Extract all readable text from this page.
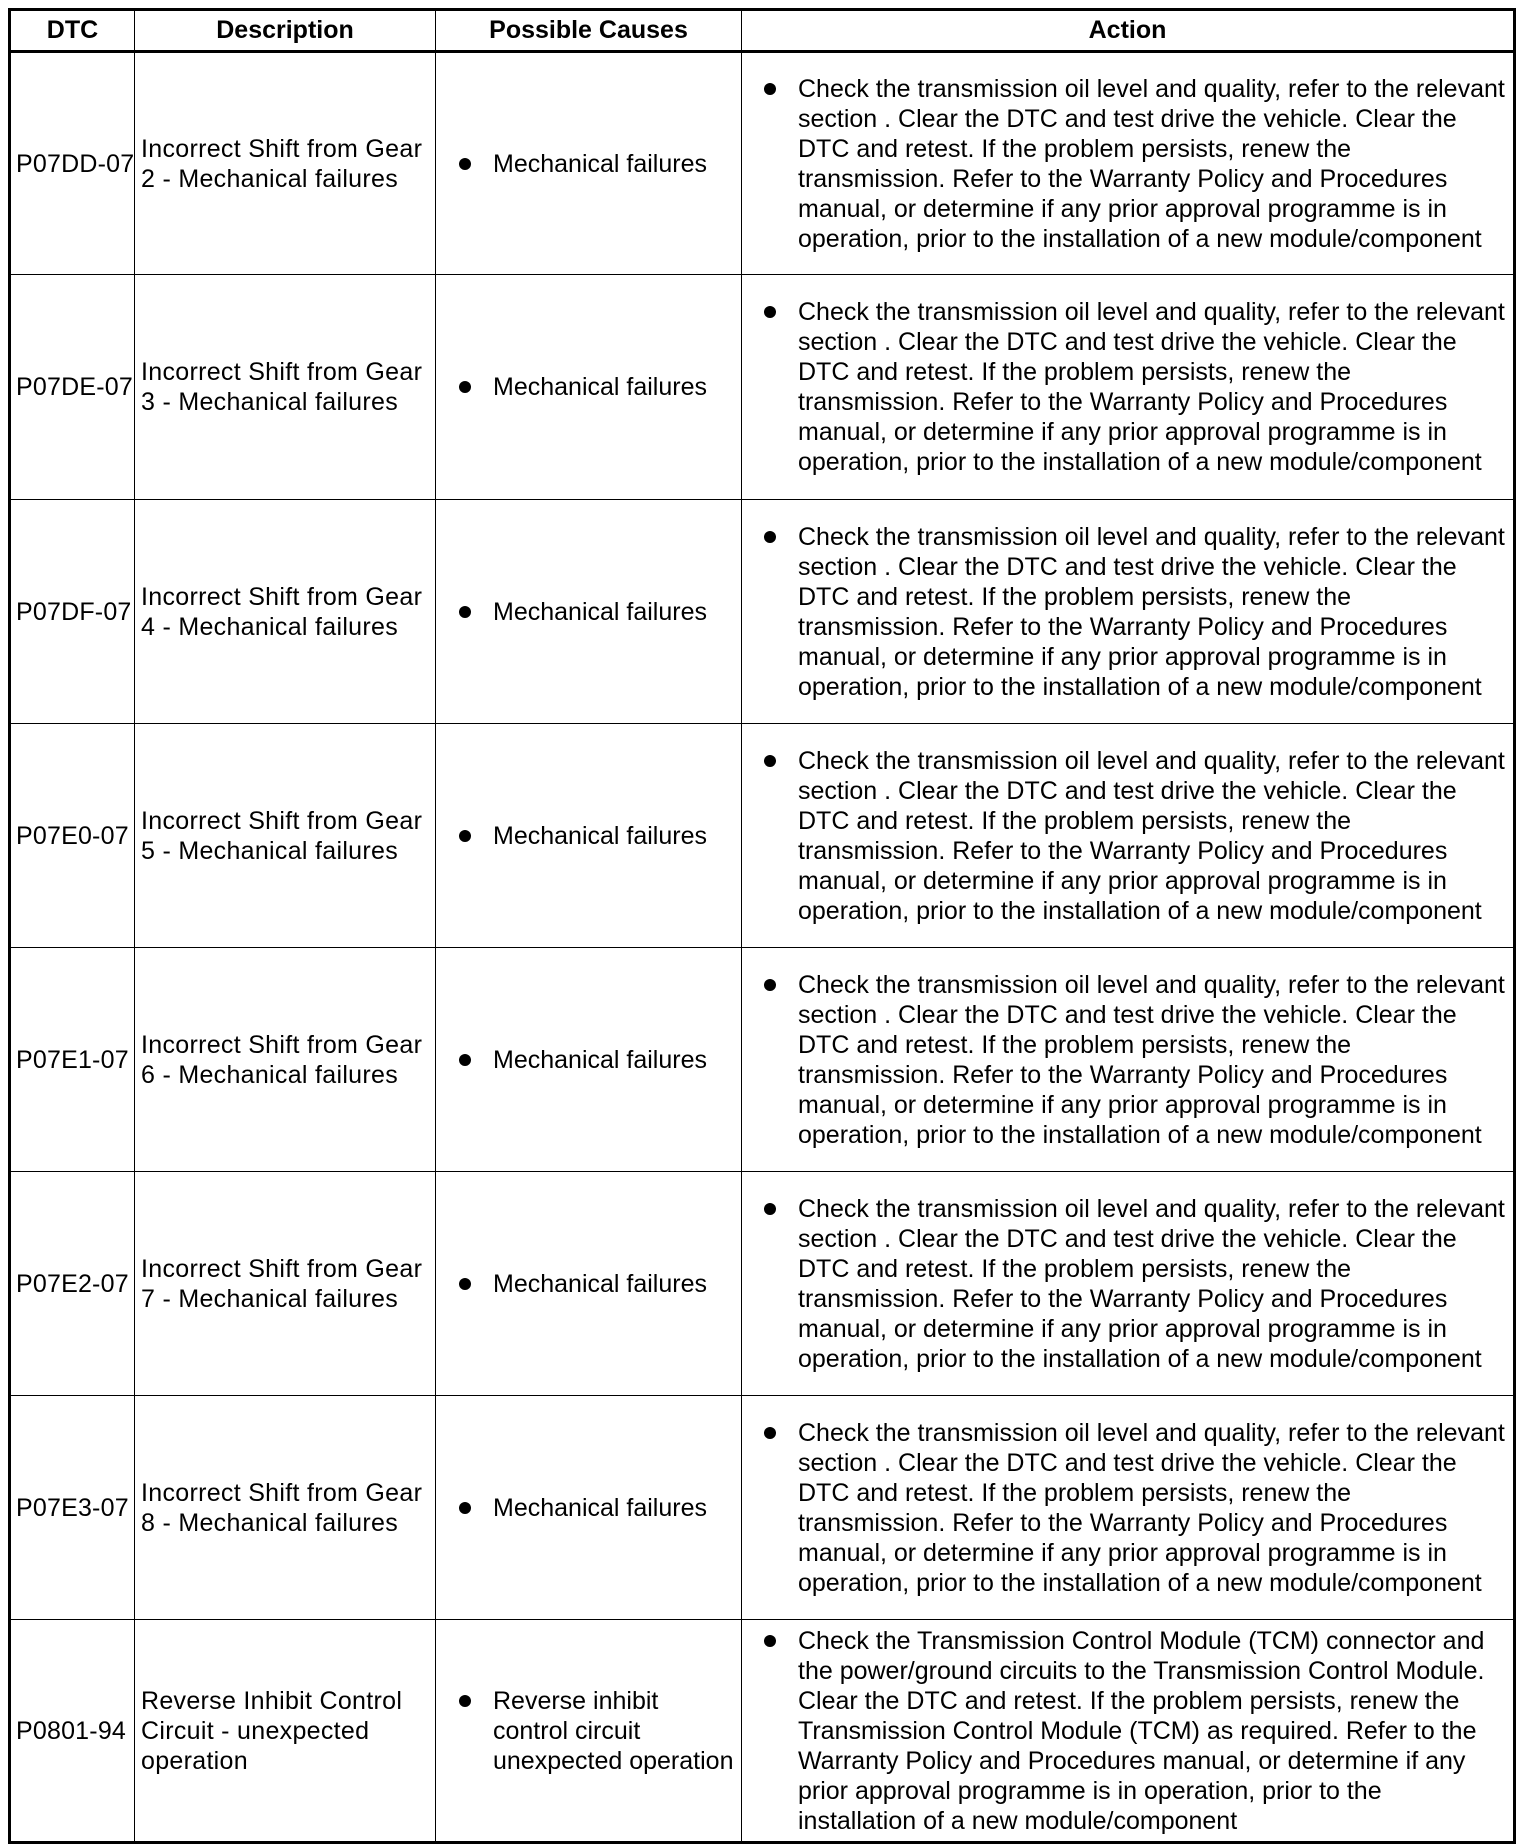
DTC	Description	Possible Causes	Action
P07DD-07	Incorrect Shift from Gear 2 - Mechanical failures	Mechanical failures	Check the transmission oil level and quality, refer to the relevant section . Clear the DTC and test drive the vehicle. Clear the DTC and retest. If the problem persists, renew the transmission. Refer to the Warranty Policy and Procedures manual, or determine if any prior approval programme is in operation, prior to the installation of a new module/component

P07DE-07	Incorrect Shift from Gear 3 - Mechanical failures	Mechanical failures	Check the transmission oil level and quality, refer to the relevant section . Clear the DTC and test drive the vehicle. Clear the DTC and retest. If the problem persists, renew the transmission. Refer to the Warranty Policy and Procedures manual, or determine if any prior approval programme is in operation, prior to the installation of a new module/component

P07DF-07	Incorrect Shift from Gear 4 - Mechanical failures	Mechanical failures	Check the transmission oil level and quality, refer to the relevant section . Clear the DTC and test drive the vehicle. Clear the DTC and retest. If the problem persists, renew the transmission. Refer to the Warranty Policy and Procedures manual, or determine if any prior approval programme is in operation, prior to the installation of a new module/component

P07E0-07	Incorrect Shift from Gear 5 - Mechanical failures	Mechanical failures	Check the transmission oil level and quality, refer to the relevant section . Clear the DTC and test drive the vehicle. Clear the DTC and retest. If the problem persists, renew the transmission. Refer to the Warranty Policy and Procedures manual, or determine if any prior approval programme is in operation, prior to the installation of a new module/component

P07E1-07	Incorrect Shift from Gear 6 - Mechanical failures	Mechanical failures	Check the transmission oil level and quality, refer to the relevant section . Clear the DTC and test drive the vehicle. Clear the DTC and retest. If the problem persists, renew the transmission. Refer to the Warranty Policy and Procedures manual, or determine if any prior approval programme is in operation, prior to the installation of a new module/component

P07E2-07	Incorrect Shift from Gear 7 - Mechanical failures	Mechanical failures	Check the transmission oil level and quality, refer to the relevant section . Clear the DTC and test drive the vehicle. Clear the DTC and retest. If the problem persists, renew the transmission. Refer to the Warranty Policy and Procedures manual, or determine if any prior approval programme is in operation, prior to the installation of a new module/component

P07E3-07	Incorrect Shift from Gear 8 - Mechanical failures	Mechanical failures	Check the transmission oil level and quality, refer to the relevant section . Clear the DTC and test drive the vehicle. Clear the DTC and retest. If the problem persists, renew the transmission. Refer to the Warranty Policy and Procedures manual, or determine if any prior approval programme is in operation, prior to the installation of a new module/component

P0801-94	Reverse Inhibit Control Circuit - unexpected operation	Reverse inhibit control circuit unexpected operation	Check the Transmission Control Module (TCM) connector and the power/ground circuits to the Transmission Control Module. Clear the DTC and retest. If the problem persists, renew the Transmission Control Module (TCM) as required. Refer to the Warranty Policy and Procedures manual, or determine if any prior approval programme is in operation, prior to the installation of a new module/component
